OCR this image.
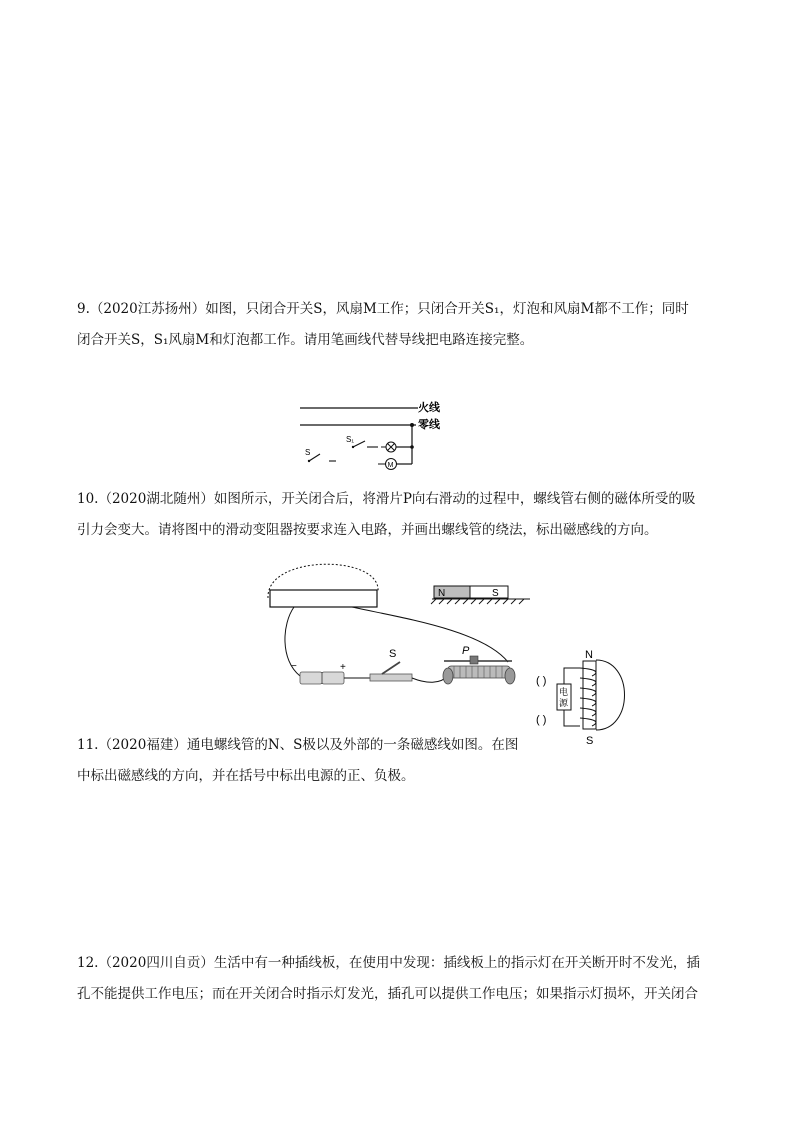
9.（2020江苏扬州）如图，只闭合开关S，风扇M工作；只闭合开关S₁，灯泡和风扇M都不工作；同时

闭合开关S，S₁风扇M和灯泡都工作。请用笔画线代替导线把电路连接完整。

火线
零线
S
S₁
M

10.（2020湖北随州）如图所示，开关闭合后，将滑片P向右滑动的过程中，螺线管右侧的磁体所受的吸

引力会变大。请将图中的滑动变阻器按要求连入电路，并画出螺线管的绕法，标出磁感线的方向。

N	S
−	+
S	P

11.（2020福建）通电螺线管的N、S极以及外部的一条磁感线如图。在图

中标出磁感线的方向，并在括号中标出电源的正、负极。

电
源
N
S
( )
( )

12.（2020四川自贡）生活中有一种插线板，在使用中发现：插线板上的指示灯在开关断开时不发光，插

孔不能提供工作电压；而在开关闭合时指示灯发光，插孔可以提供工作电压；如果指示灯损坏，开关闭合
